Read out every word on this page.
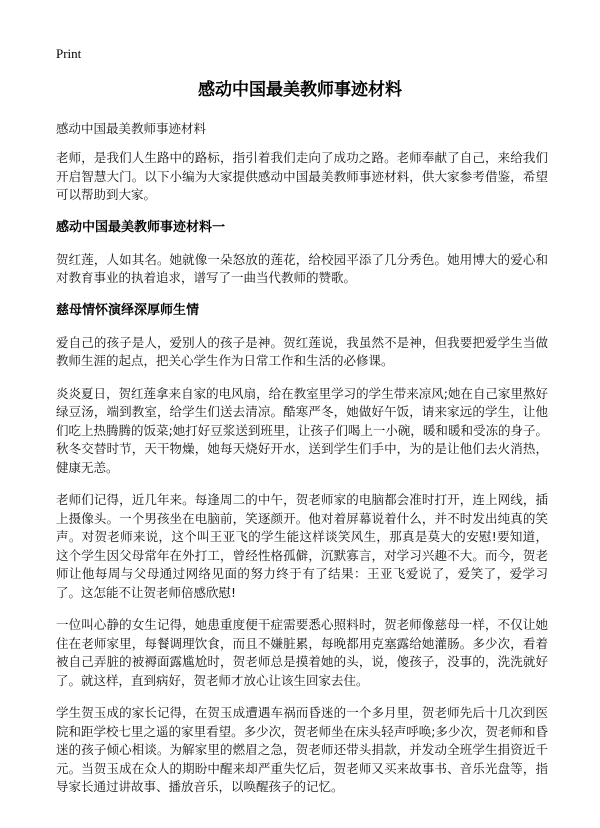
Print
感动中国最美教师事迹材料
感动中国最美教师事迹材料

老师，是我们人生路中的路标，指引着我们走向了成功之路。老师奉献了自己，来给我们开启智慧大门。以下小编为大家提供感动中国最美教师事迹材料，供大家参考借鉴，希望可以帮助到大家。

感动中国最美教师事迹材料一

贺红莲，人如其名。她就像一朵怒放的莲花，给校园平添了几分秀色。她用博大的爱心和对教育事业的执着追求，谱写了一曲当代教师的赞歌。

慈母情怀演绎深厚师生情

爱自己的孩子是人，爱别人的孩子是神。贺红莲说，我虽然不是神，但我要把爱学生当做教师生涯的起点，把关心学生作为日常工作和生活的必修课。

炎炎夏日，贺红莲拿来自家的电风扇，给在教室里学习的学生带来凉风;她在自己家里熬好绿豆汤，端到教室，给学生们送去清凉。酷寒严冬，她做好午饭，请来家远的学生，让他们吃上热腾腾的饭菜;她打好豆浆送到班里，让孩子们喝上一小碗，暖和暖和受冻的身子。秋冬交替时节，天干物燥，她每天烧好开水，送到学生们手中，为的是让他们去火消热，健康无恙。

老师们记得，近几年来。每逢周二的中午，贺老师家的电脑都会准时打开，连上网线，插上摄像头。一个男孩坐在电脑前，笑逐颜开。他对着屏幕说着什么，并不时发出纯真的笑声。对贺老师来说，这个叫王亚飞的学生能这样谈笑风生，那真是莫大的安慰!要知道，这个学生因父母常年在外打工，曾经性格孤僻，沉默寡言，对学习兴趣不大。而今，贺老师让他每周与父母通过网络见面的努力终于有了结果：王亚飞爱说了，爱笑了，爱学习了。这怎能不让贺老师倍感欣慰!

一位叫心静的女生记得，她患重度便干症需要悉心照料时，贺老师像慈母一样，不仅让她住在老师家里，每餐调理饮食，而且不嫌脏累，每晚都用克塞露给她灌肠。多少次，看着被自己弄脏的被褥面露尴尬时，贺老师总是摸着她的头，说，傻孩子，没事的，洗洗就好了。就这样，直到病好，贺老师才放心让该生回家去住。

学生贺玉成的家长记得，在贺玉成遭遇车祸而昏迷的一个多月里，贺老师先后十几次到医院和距学校七里之遥的家里看望。多少次，贺老师坐在床头轻声呼唤;多少次，贺老师和昏迷的孩子倾心相谈。为解家里的燃眉之急，贺老师还带头捐款，并发动全班学生捐资近千元。当贺玉成在众人的期盼中醒来却严重失忆后，贺老师又买来故事书、音乐光盘等，指导家长通过讲故事、播放音乐，以唤醒孩子的记忆。
